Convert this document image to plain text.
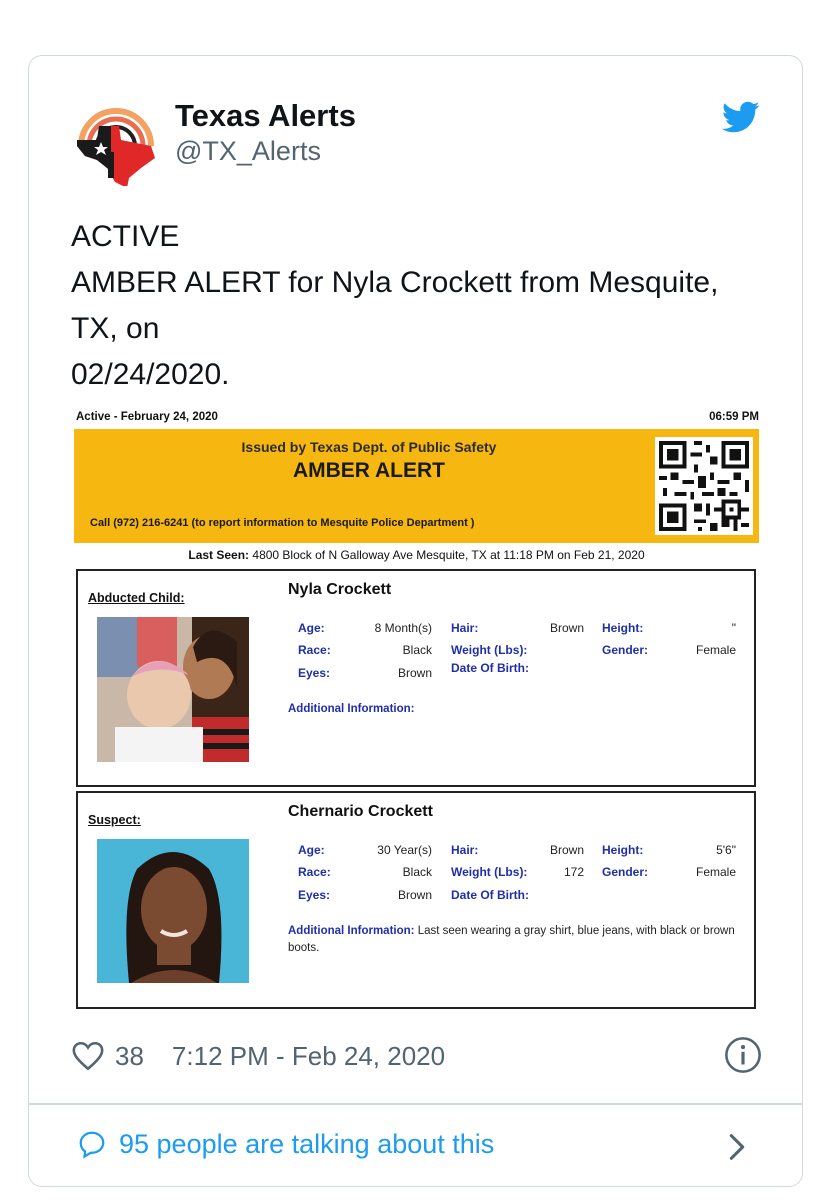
Texas Alerts
@TX_Alerts
ACTIVE
AMBER ALERT for Nyla Crockett from Mesquite,
TX, on
02/24/2020.
Active - February 24, 2020	06:59 PM
Issued by Texas Dept. of Public Safety
AMBER ALERT
Call (972) 216-6241 (to report information to Mesquite Police Department )
Last Seen: 4800 Block of N Galloway Ave Mesquite, TX at 11:18 PM on Feb 21, 2020
Abducted Child:	Nyla Crockett
Age:	8 Month(s)
Race:	Black
Eyes:	Brown
Hair:	Brown
Weight (Lbs):
Date Of Birth:
Height:	"
Gender:	Female
Additional Information:
Suspect:	Chernario Crockett
Age:	30 Year(s)
Race:	Black
Eyes:	Brown
Hair:	Brown
Weight (Lbs):	172
Date Of Birth:
Height:	5'6"
Gender:	Female
Additional Information: Last seen wearing a gray shirt, blue jeans, with black or brown boots.
38 7:12 PM - Feb 24, 2020
95 people are talking about this
